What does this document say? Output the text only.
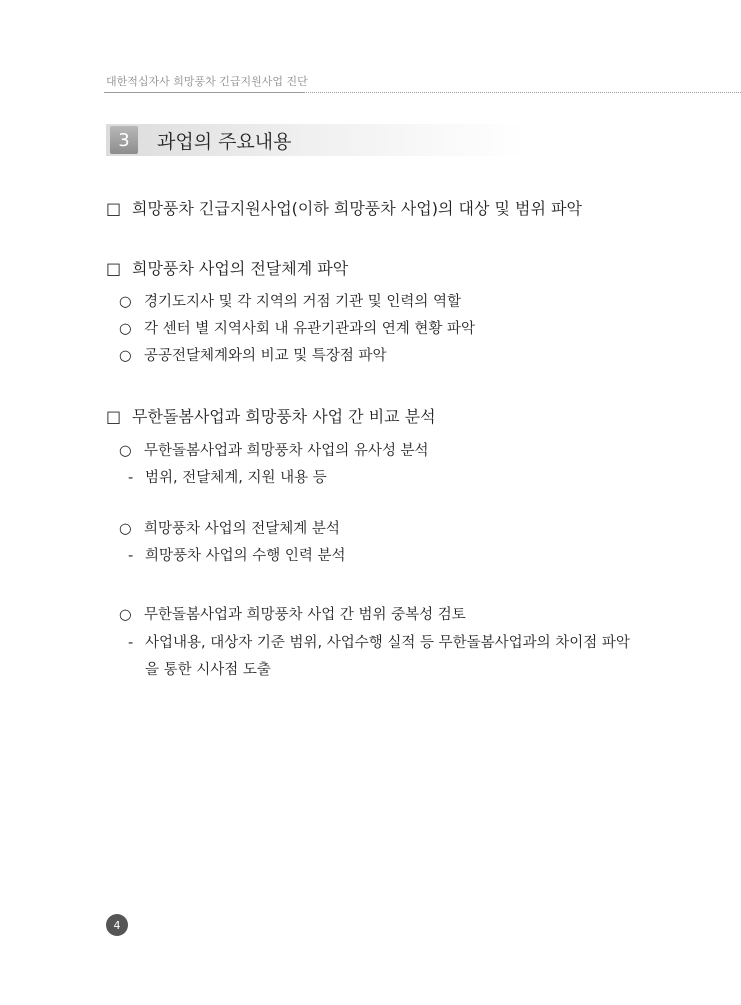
대한적십자사 희망풍차 긴급지원사업 진단
3	과업의 주요내용
□ 희망풍차 긴급지원사업(이하 희망풍차 사업)의 대상 및 범위 파악
□ 희망풍차 사업의 전달체계 파악
○ 경기도지사 및 각 지역의 거점 기관 및 인력의 역할
○ 각 센터 별 지역사회 내 유관기관과의 연계 현황 파악
○ 공공전달체계와의 비교 및 특장점 파악
□ 무한돌봄사업과 희망풍차 사업 간 비교 분석
○ 무한돌봄사업과 희망풍차 사업의 유사성 분석
- 범위, 전달체계, 지원 내용 등
○ 희망풍차 사업의 전달체계 분석
- 희망풍차 사업의 수행 인력 분석
○ 무한돌봄사업과 희망풍차 사업 간 범위 중복성 검토
- 사업내용, 대상자 기준 범위, 사업수행 실적 등 무한돌봄사업과의 차이점 파악
을 통한 시사점 도출
4
